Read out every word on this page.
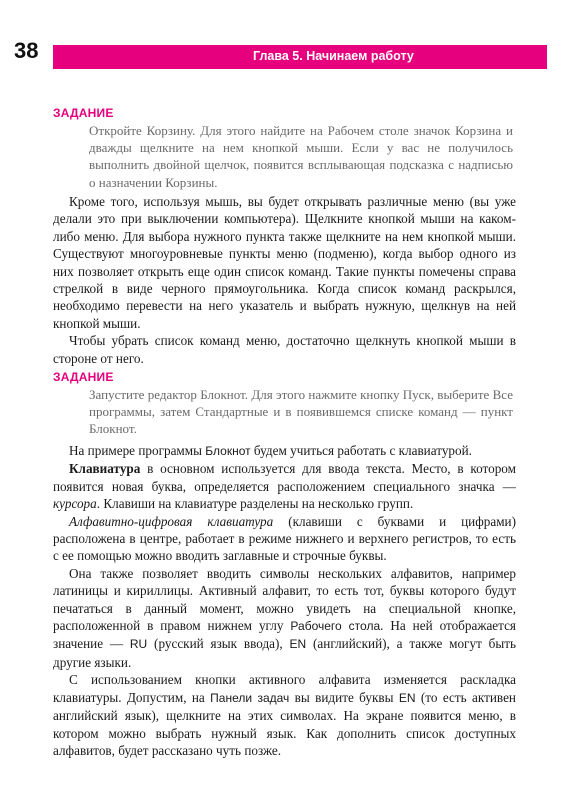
38	Глава 5. Начинаем работу
ЗАДАНИЕ
Откройте Корзину. Для этого найдите на Рабочем столе значок Корзина и дважды щелкните на нем кнопкой мыши. Если у вас не получилось выполнить двойной щелчок, появится всплывающая подсказка с надписью о назначении Корзины.

Кроме того, используя мышь, вы будет открывать различные меню (вы уже делали это при выключении компьютера). Щелкните кнопкой мыши на каком-либо меню. Для выбора нужного пункта также щелкните на нем кнопкой мыши. Существуют многоуровневые пункты меню (подменю), когда выбор одного из них позволяет открыть еще один список команд. Такие пункты помечены справа стрелкой в виде черного прямоугольника. Когда список команд раскрылся, необходимо перевести на него указатель и выбрать нужную, щелкнув на ней кнопкой мыши.

Чтобы убрать список команд меню, достаточно щелкнуть кнопкой мыши в стороне от него.

ЗАДАНИЕ
Запустите редактор Блокнот. Для этого нажмите кнопку Пуск, выберите Все программы, затем Стандартные и в появившемся списке команд — пункт Блокнот.

На примере программы Блокнот будем учиться работать с клавиатурой.

Клавиатура в основном используется для ввода текста. Место, в котором появится новая буква, определяется расположением специального значка — курсора. Клавиши на клавиатуре разделены на несколько групп.

Алфавитно-цифровая клавиатура (клавиши с буквами и цифрами) расположена в центре, работает в режиме нижнего и верхнего регистров, то есть с ее помощью можно вводить заглавные и строчные буквы.

Она также позволяет вводить символы нескольких алфавитов, например латиницы и кириллицы. Активный алфавит, то есть тот, буквы которого будут печататься в данный момент, можно увидеть на специальной кнопке, расположенной в правом нижнем углу Рабочего стола. На ней отображается значение — RU (русский язык ввода), EN (английский), а также могут быть другие языки.

С использованием кнопки активного алфавита изменяется раскладка клавиатуры. Допустим, на Панели задач вы видите буквы EN (то есть активен английский язык), щелкните на этих символах. На экране появится меню, в котором можно выбрать нужный язык. Как дополнить список доступных алфавитов, будет рассказано чуть позже.
